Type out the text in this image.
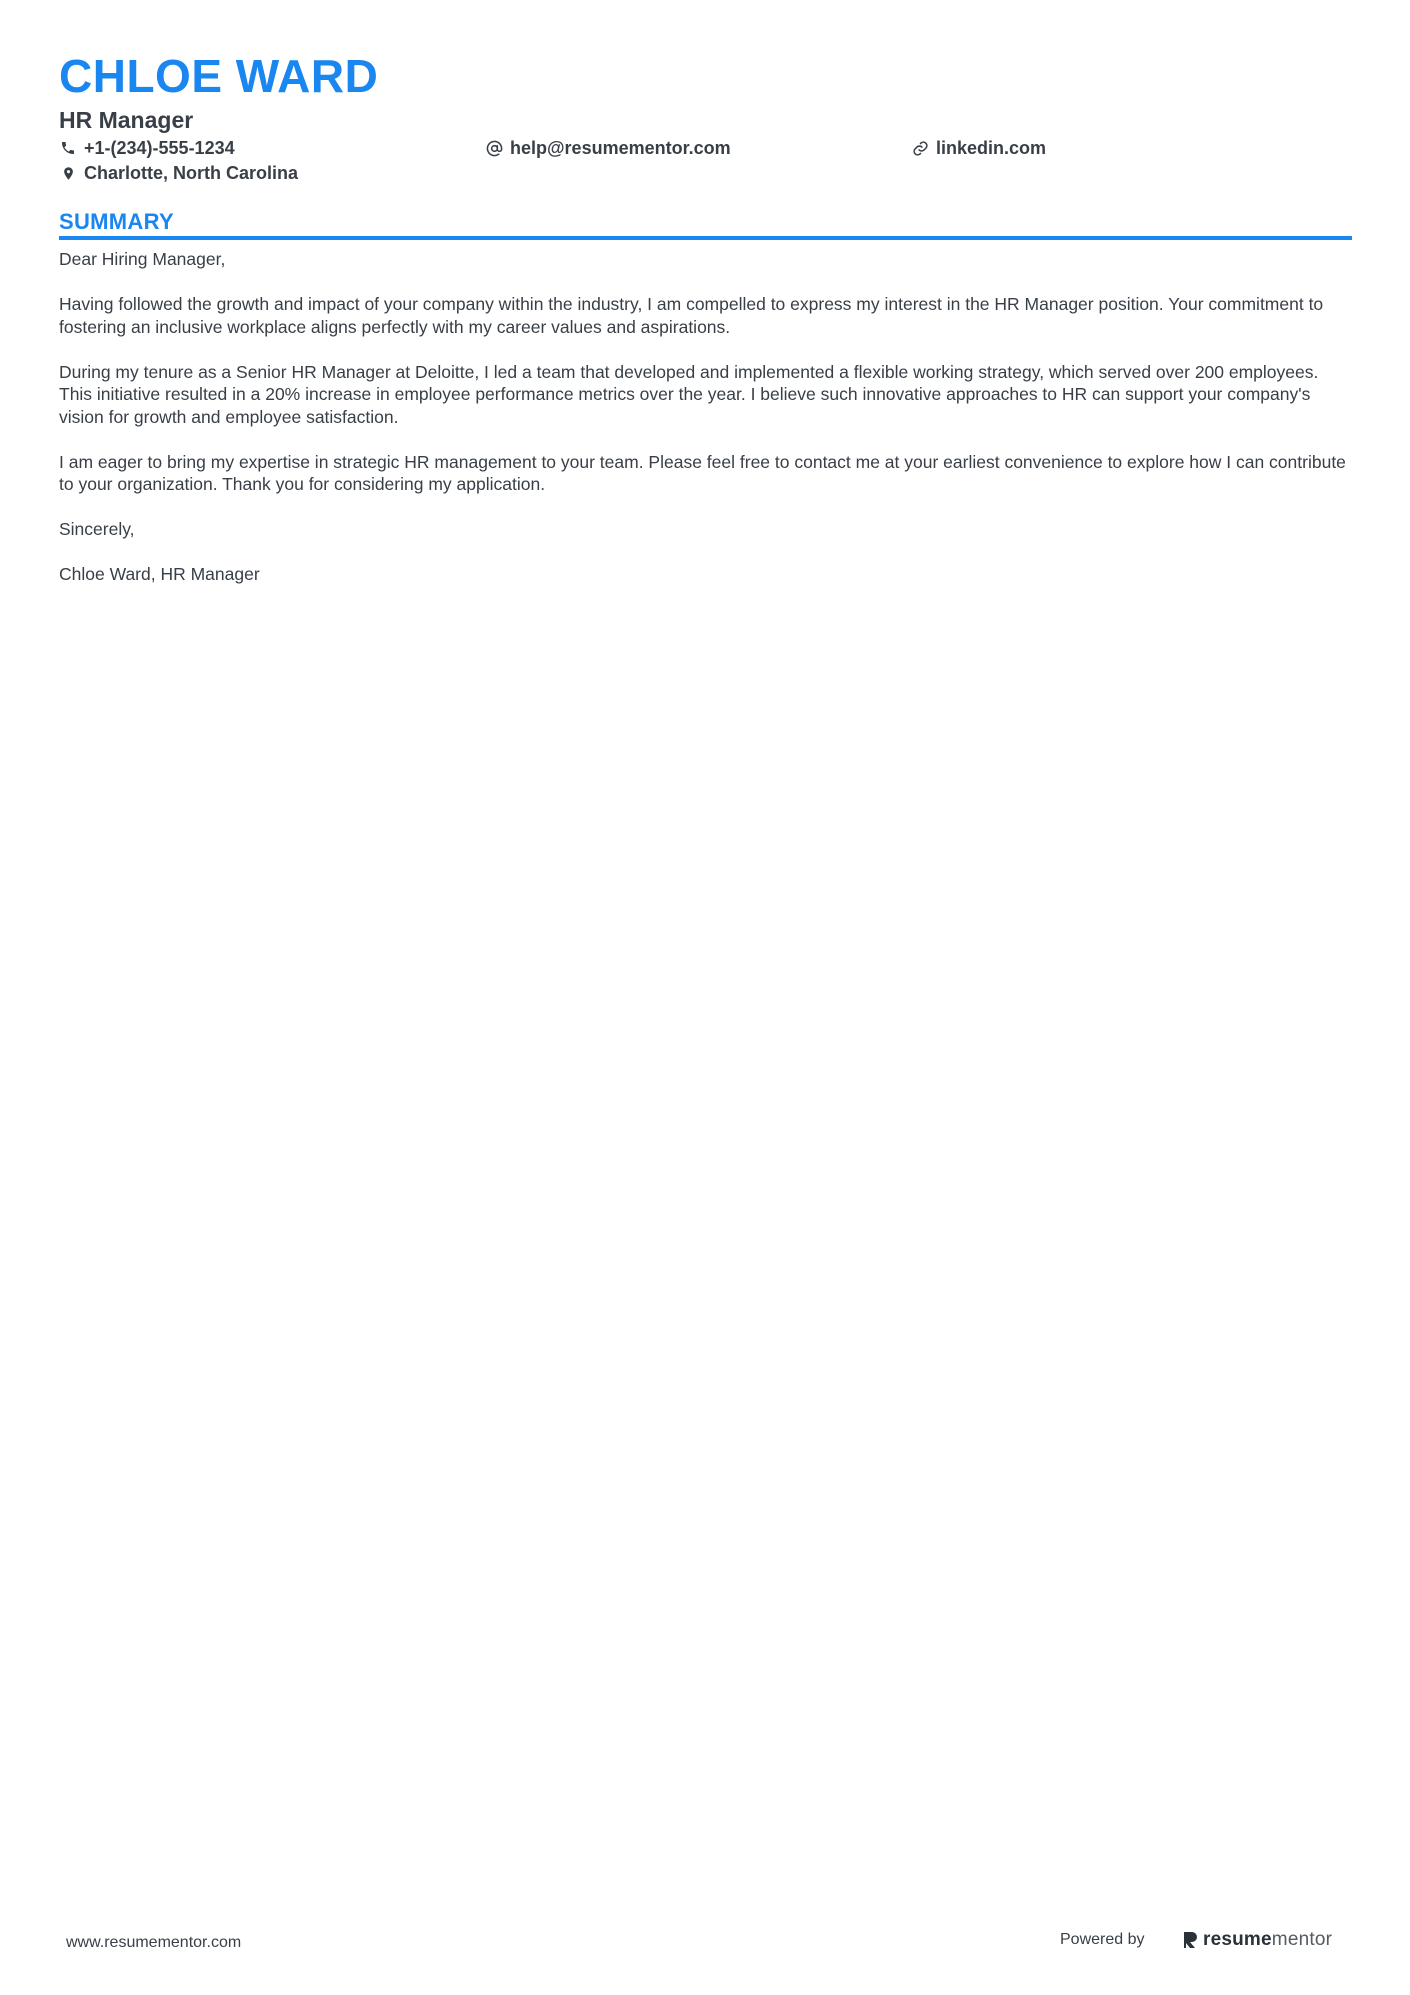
CHLOE WARD
HR Manager
+1-(234)-555-1234	help@resumementor.com	linkedin.com
Charlotte, North Carolina
SUMMARY

Dear Hiring Manager,

Having followed the growth and impact of your company within the industry, I am compelled to express my interest in the HR Manager position. Your commitment to fostering an inclusive workplace aligns perfectly with my career values and aspirations.

During my tenure as a Senior HR Manager at Deloitte, I led a team that developed and implemented a flexible working strategy, which served over 200 employees. This initiative resulted in a 20% increase in employee performance metrics over the year. I believe such innovative approaches to HR can support your company's vision for growth and employee satisfaction.

I am eager to bring my expertise in strategic HR management to your team. Please feel free to contact me at your earliest convenience to explore how I can contribute to your organization. Thank you for considering my application.

Sincerely,

Chloe Ward, HR Manager

www.resumementor.com	Powered by	resumementor
